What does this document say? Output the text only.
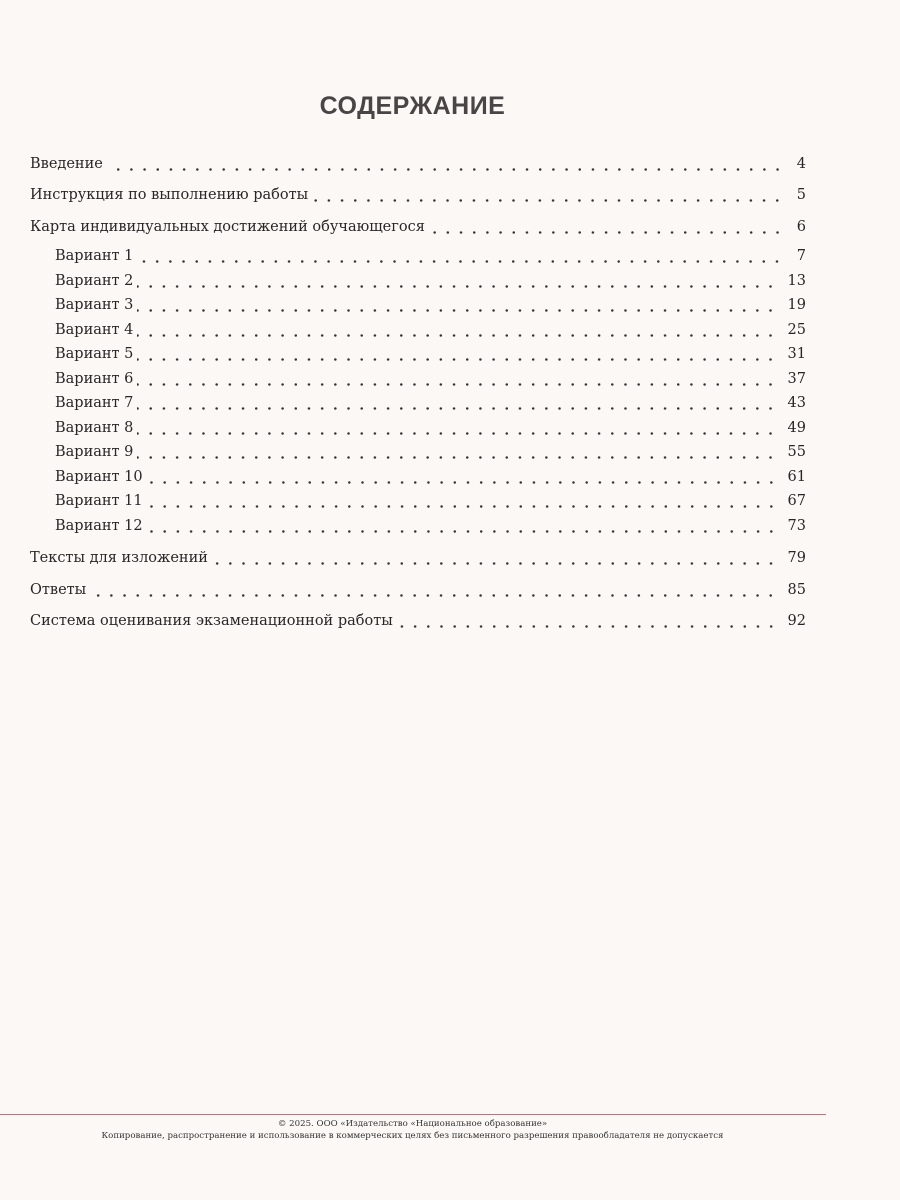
СОДЕРЖАНИЕ
Введение	4
Инструкция по выполнению работы	5
Карта индивидуальных достижений обучающегося	6
Вариант 1	7
Вариант 2	13
Вариант 3	19
Вариант 4	25
Вариант 5	31
Вариант 6	37
Вариант 7	43
Вариант 8	49
Вариант 9	55
Вариант 10	61
Вариант 11	67
Вариант 12	73
Тексты для изложений	79
Ответы	85
Система оценивания экзаменационной работы	92
© 2025. ООО «Издательство «Национальное образование»
Копирование, распространение и использование в коммерческих целях без письменного разрешения правообладателя не допускается
